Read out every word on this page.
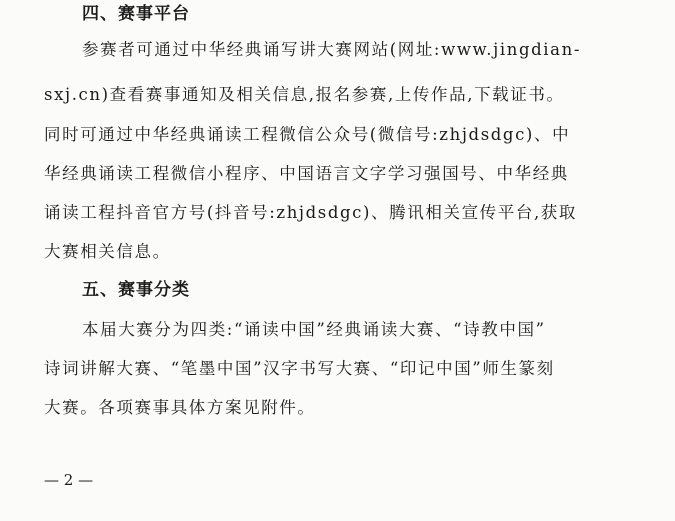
四、赛事平台
参赛者可通过中华经典诵写讲大赛网站(网址:www.jingdian-
sxj.cn)查看赛事通知及相关信息,报名参赛,上传作品,下载证书。
同时可通过中华经典诵读工程微信公众号(微信号:zhjdsdgc)、中
华经典诵读工程微信小程序、中国语言文字学习强国号、中华经典
诵读工程抖音官方号(抖音号:zhjdsdgc)、腾讯相关宣传平台,获取
大赛相关信息。
五、赛事分类
本届大赛分为四类:“诵读中国”经典诵读大赛、“诗教中国”
诗词讲解大赛、“笔墨中国”汉字书写大赛、“印记中国”师生篆刻
大赛。各项赛事具体方案见附件。
— 2 —
